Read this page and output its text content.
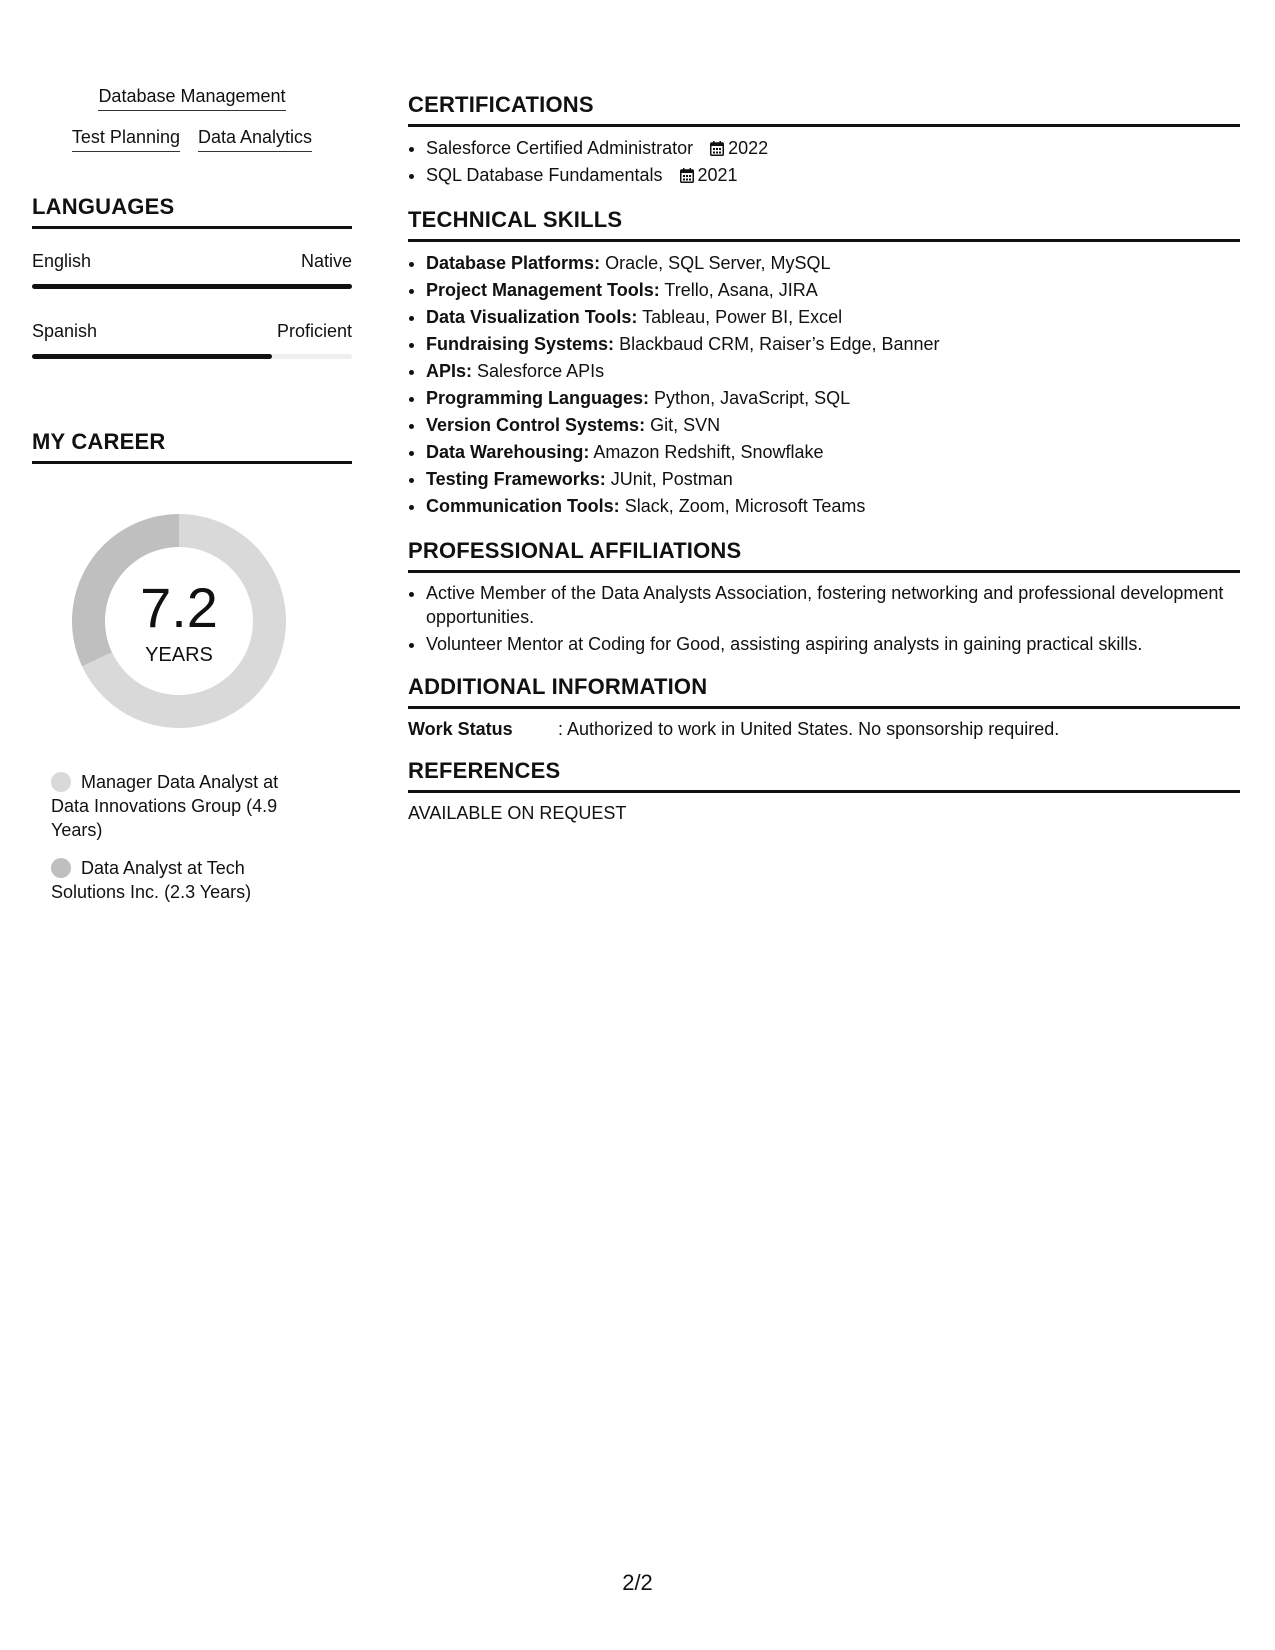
Database Management
Test Planning Data Analytics
LANGUAGES
English	Native
Spanish	Proficient
MY CAREER
7.2
YEARS
Manager Data Analyst at Data Innovations Group (4.9 Years)
Data Analyst at Tech Solutions Inc. (2.3 Years)
CERTIFICATIONS
• Salesforce Certified Administrator 2022
• SQL Database Fundamentals 2021
TECHNICAL SKILLS
• Database Platforms: Oracle, SQL Server, MySQL
• Project Management Tools: Trello, Asana, JIRA
• Data Visualization Tools: Tableau, Power BI, Excel
• Fundraising Systems: Blackbaud CRM, Raiser’s Edge, Banner
• APIs: Salesforce APIs
• Programming Languages: Python, JavaScript, SQL
• Version Control Systems: Git, SVN
• Data Warehousing: Amazon Redshift, Snowflake
• Testing Frameworks: JUnit, Postman
• Communication Tools: Slack, Zoom, Microsoft Teams
PROFESSIONAL AFFILIATIONS
• Active Member of the Data Analysts Association, fostering networking and professional development opportunities.
• Volunteer Mentor at Coding for Good, assisting aspiring analysts in gaining practical skills.
ADDITIONAL INFORMATION
Work Status	: Authorized to work in United States. No sponsorship required.
REFERENCES
AVAILABLE ON REQUEST
2/2
